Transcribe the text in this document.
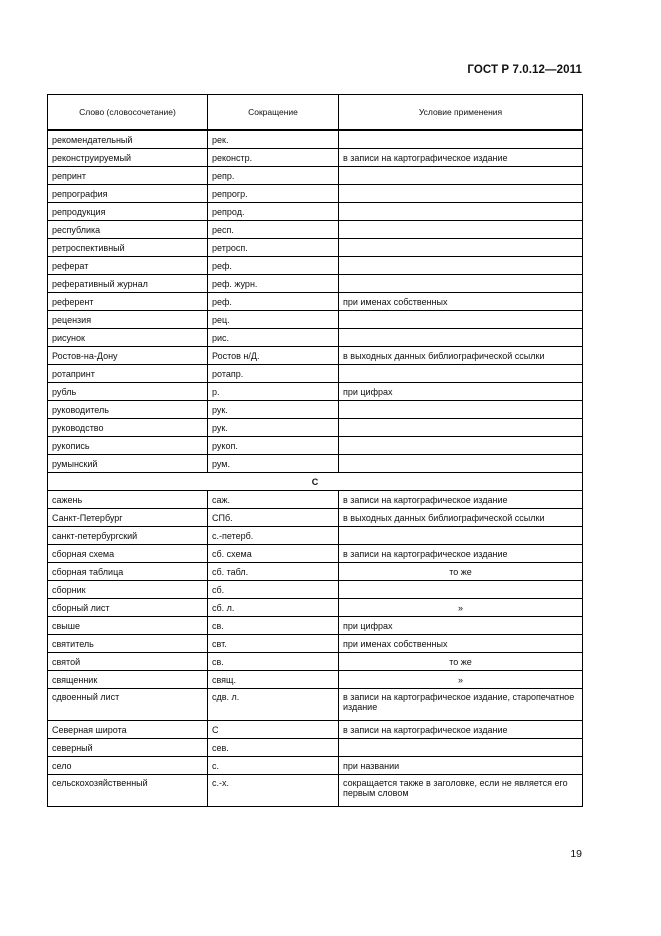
ГОСТ Р 7.0.12—2011
Слово (словосочетание)	Сокращение	Условие применения
рекомендательный	рек.	
реконструируемый	реконстр.	в записи на картографическое издание
репринт	репр.	
репрография	репрогр.	
репродукция	репрод.	
республика	респ.	
ретроспективный	ретросп.	
реферат	реф.	
реферативный журнал	реф. журн.	
референт	реф.	при именах собственных
рецензия	рец.	
рисунок	рис.	
Ростов-на-Дону	Ростов н/Д.	в выходных данных библиографической ссылки
ротапринт	ротапр.	
рубль	р.	при цифрах
руководитель	рук.	
руководство	рук.	
рукопись	рукоп.	
румынский	рум.	
С		
сажень	саж.	в записи на картографическое издание
Санкт-Петербург	СПб.	в выходных данных библиографической ссылки
санкт-петербургский	с.-петерб.	
сборная схема	сб. схема	в записи на картографическое издание
сборная таблица	сб. табл.	то же
сборник	сб.	
сборный лист	сб. л.	»
свыше	св.	при цифрах
святитель	свт.	при именах собственных
святой	св.	то же
священник	свящ.	»
сдвоенный лист	сдв. л.	в записи на картографическое издание, старопечатное издание
Северная широта	С	в записи на картографическое издание
северный	сев.	
село	с.	при названии
сельскохозяйственный	с.-х.	сокращается также в заголовке, если не является его первым словом
19
